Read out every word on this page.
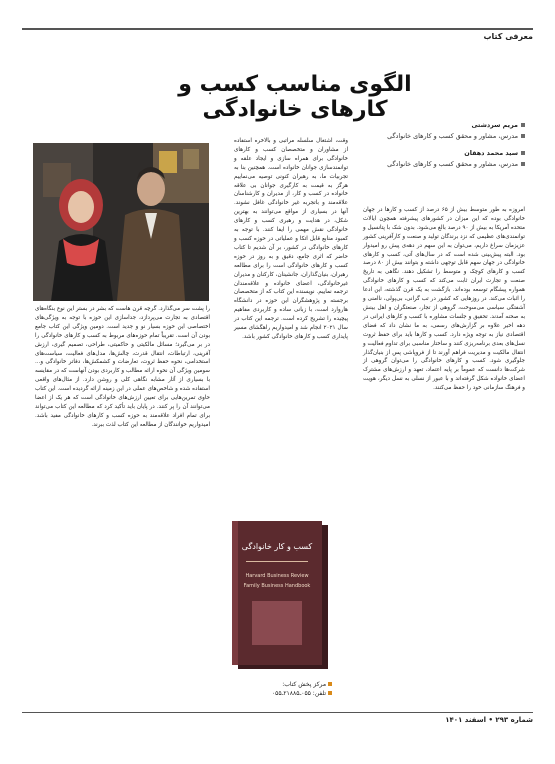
معرفی کتاب
الگوی مناسب کسب و کارهای خانوادگی
مریم سردشتی
مدرس، مشاور و محقق کسب و کارهای خانوادگی
سید محمد دهقان
مدرس، مشاور و محقق کسب و کارهای خانوادگی

امروزه به طور متوسط بیش از ۶۵ درصد از کسب و کارها در جهان خانوادگی بوده که این میزان در کشورهای پیشرفته همچون ایالات متحده آمریکا به بیش از ۹۰ درصد بالغ می‌شود. بدون شک با پتانسیل و توانمندی‌های عظیمی که نزد برندگان تولید و صنعت و کارآفرینی کشور عزیزمان سراغ داریم، می‌توان به این سهم در دهه‌ی پیش رو امیدوار بود. البته پیش‌بینی شده است که در سال‌های آتی، کسب و کارهای خانوادگی در جهان سهم قابل توجهی داشته و بتوانند بیش از ۸۰ درصد کسب و کارهای کوچک و متوسط را تشکیل دهند. نگاهی به تاریخ صنعت و تجارت ایران ثابت می‌کند که کسب و کارهای خانوادگی همواره پیشگام توسعه بوده‌اند. بازگشت به یک قرن گذشته، این ادعا را اثبات می‌کند. در روزهایی که کشور در تب گرانی، بی‌پولی، ناامنی و آشفتگی سیاسی می‌سوخت، گروهی از تجار، صنعتگران و اهل بینش به صحنه آمدند. تحقیق و جلسات مشاوره با کسب و کارهای ایرانی در دهه اخیر علاوه بر گزارش‌های رسمی، به ما نشان داد که فضای اقتصادی نیاز به توجه ویژه دارد. کسب و کارها باید برای حفظ ثروت نسل‌های بعدی برنامه‌ریزی کنند و ساختار مناسبی برای تداوم فعالیت و انتقال مالکیت و مدیریت فراهم آورند تا از فروپاشی پس از بنیان‌گذار جلوگیری شود. کسب و کارهای خانوادگی را می‌توان گروهی از شرکت‌ها دانست که عموماً بر پایه اعتماد، تعهد و ارزش‌های مشترک اعضای خانواده شکل گرفته‌اند و با عبور از نسلی به نسل دیگر، هویت و فرهنگ سازمانی خود را حفظ می‌کنند.

وقت، اشتغال سلسله مراتبی و بالاخره استفاده از مشاوران و متخصصان کسب و کارهای خانوادگی برای همراه سازی و ایجاد علقه و توانمندسازی جوانان خانواده است. همچنین بنا به تجربیات ما، به رهبران کنونی توصیه می‌نماییم هرگز به قیمت به کارگیری جوانان بی علاقه خانواده در کسب و کار، از مدیران و کارشناسان علاقه‌مند و باتجربه غیر خانوادگی غافل نشوند. آنها در بسیاری از مواقع می‌توانند به بهترین شکل، در هدایت و رهبری کسب و کارهای خانوادگی نقش مهمی را ایفا کنند. با توجه به کمبود منابع قابل اتکا و عملیاتی در حوزه کسب و کارهای خانوادگی در کشور، بر آن شدیم تا کتاب حاضر که اثری جامع، دقیق و به روز در حوزه کسب و کارهای خانوادگی است را برای مطالعه رهبران، بنیان‌گذاران، جانشینان، کارکنان و مدیران غیرخانوادگی، اعضای خانواده و علاقه‌مندان ترجمه نماییم. نویسنده این کتاب که از متخصصان برجسته و پژوهشگران این حوزه در دانشگاه هاروارد است، با زبانی ساده و کاربردی مفاهیم پیچیده را تشریح کرده است. ترجمه این کتاب در سال ۲۰۲۱ انجام شد و امیدواریم راهگشای مسیر پایداری کسب و کارهای خانوادگی کشور باشد.

را پشت سر می‌گذارد. گرچه قرن هاست که بشر در بستر این نوع بنگاه‌های اقتصادی به تجارت می‌پردازد، جداسازی این حوزه با توجه به ویژگی‌های اختصاصی این حوزه بسیار نو و جدید است. دومین ویژگی این کتاب جامع بودن آن است. تقریباً تمام حوزه‌های مربوط به کسب و کارهای خانوادگی را در بر می‌گیرد؛ مسائل مالکیتی و حاکمیتی، طراحی، تصمیم گیری، ارزش آفرینی، ارتباطات، انتقال قدرت، چالش‌ها، مدل‌های فعالیت، سیاست‌های استخدامی، نحوه حفظ ثروت، تعارضات و کشمکش‌ها، دفاتر خانوادگی و... سومین ویژگی آن نحوه ارائه مطالب و کاربردی بودن آنهاست که در مقایسه با بسیاری از آثار مشابه نگاهی کلی و روشن دارد. از مثال‌های واقعی استفاده شده و شاخص‌های عملی در این زمینه ارائه گردیده است. این کتاب حاوی تمرین‌هایی برای تعیین ارزش‌های خانوادگی است که هر یک از اعضا می‌توانند آن را پر کنند. در پایان باید تأکید کرد که مطالعه این کتاب می‌تواند برای تمام افراد علاقه‌مند به حوزه کسب و کارهای خانوادگی مفید باشد. امیدواریم خوانندگان از مطالعه این کتاب لذت ببرند.

کسب و کار خانوادگی
Harvard Business Review
Family Business Handbook
مرکز پخش کتاب:
تلفن: ۰۵۵ـ۲۱۸۸۵ـ۰۵۵
شماره ۲۹۳ • اسفند ۱۴۰۱
